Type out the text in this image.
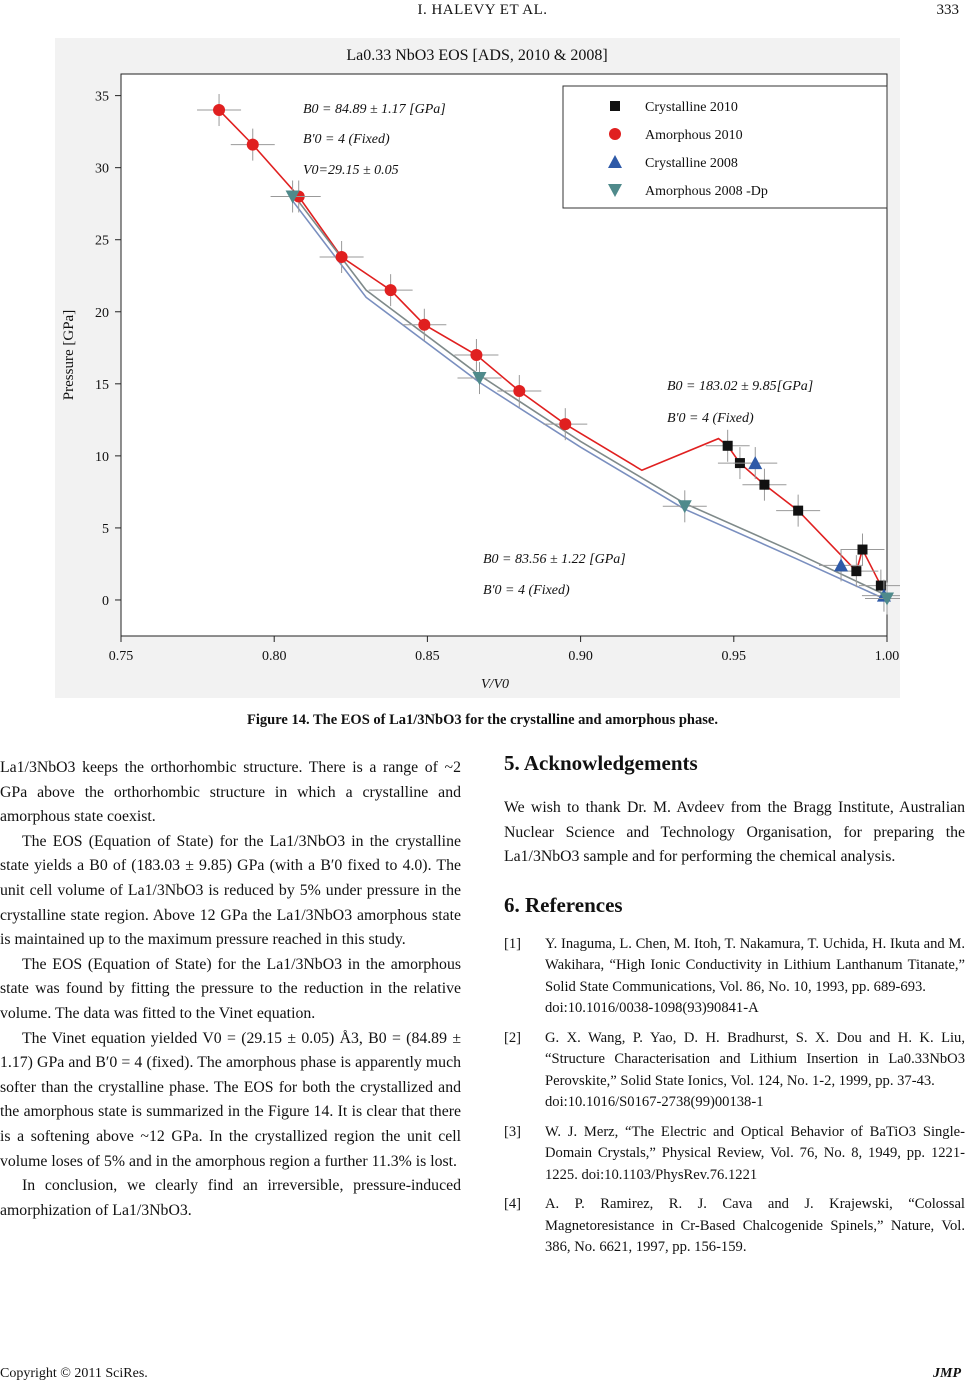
I. HALEVY ET AL.	333
La0.33 NbO3 EOS [ADS, 2010 & 2008]
0.75	0.80	0.85	0.90	0.95	1.00
0
5
10
15
20
25
30
35
V/V0
Pressure [GPa]
Crystalline 2010
Amorphous 2010
Crystalline 2008
Amorphous 2008 -Dp
B0 = 84.89 ± 1.17 [GPa]
B'0 = 4 (Fixed)
V0=29.15 ± 0.05
B0 = 183.02 ± 9.85[GPa]
B'0 = 4 (Fixed)
B0 = 83.56 ± 1.22 [GPa]
B'0 = 4 (Fixed)
Figure 14. The EOS of La1/3NbO3 for the crystalline and amorphous phase.

La1/3NbO3 keeps the orthorhombic structure. There is a range of ~2 GPa above the orthorhombic structure in which a crystalline and amorphous state coexist.

The EOS (Equation of State) for the La1/3NbO3 in the crystalline state yields a B0 of (183.03 ± 9.85) GPa (with a B′0 fixed to 4.0). The unit cell volume of La1/3NbO3 is reduced by 5% under pressure in the crystalline state region. Above 12 GPa the La1/3NbO3 amorphous state is maintained up to the maximum pressure reached in this study.

The EOS (Equation of State) for the La1/3NbO3 in the amorphous state was found by fitting the pressure to the reduction in the relative volume. The data was fitted to the Vinet equation.

The Vinet equation yielded V0 = (29.15 ± 0.05) Å3, B0 = (84.89 ± 1.17) GPa and B′0 = 4 (fixed). The amorphous phase is apparently much softer than the crystalline phase. The EOS for both the crystallized and the amorphous state is summarized in the Figure 14. It is clear that there is a softening above ~12 GPa. In the crystallized region the unit cell volume loses of 5% and in the amorphous region a further 11.3% is lost.

In conclusion, we clearly find an irreversible, pressure-induced amorphization of La1/3NbO3.

5. Acknowledgements

We wish to thank Dr. M. Avdeev from the Bragg Institute, Australian Nuclear Science and Technology Organisation, for preparing the La1/3NbO3 sample and for performing the chemical analysis.

6. References
[1]	Y. Inaguma, L. Chen, M. Itoh, T. Nakamura, T. Uchida, H. Ikuta and M. Wakihara, “High Ionic Conductivity in Lithium Lanthanum Titanate,” Solid State Communications, Vol. 86, No. 10, 1993, pp. 689-693.
doi:10.1016/0038-1098(93)90841-A
[2]	G. X. Wang, P. Yao, D. H. Bradhurst, S. X. Dou and H. K. Liu, “Structure Characterisation and Lithium Insertion in La0.33NbO3 Perovskite,” Solid State Ionics, Vol. 124, No. 1-2, 1999, pp. 37-43.
doi:10.1016/S0167-2738(99)00138-1
[3]	W. J. Merz, “The Electric and Optical Behavior of BaTiO3 Single-Domain Crystals,” Physical Review, Vol. 76, No. 8, 1949, pp. 1221-1225. doi:10.1103/PhysRev.76.1221
[4]	A. P. Ramirez, R. J. Cava and J. Krajewski, “Colossal Magnetoresistance in Cr-Based Chalcogenide Spinels,” Nature, Vol. 386, No. 6621, 1997, pp. 156-159.
Copyright © 2011 SciRes.	JMP
